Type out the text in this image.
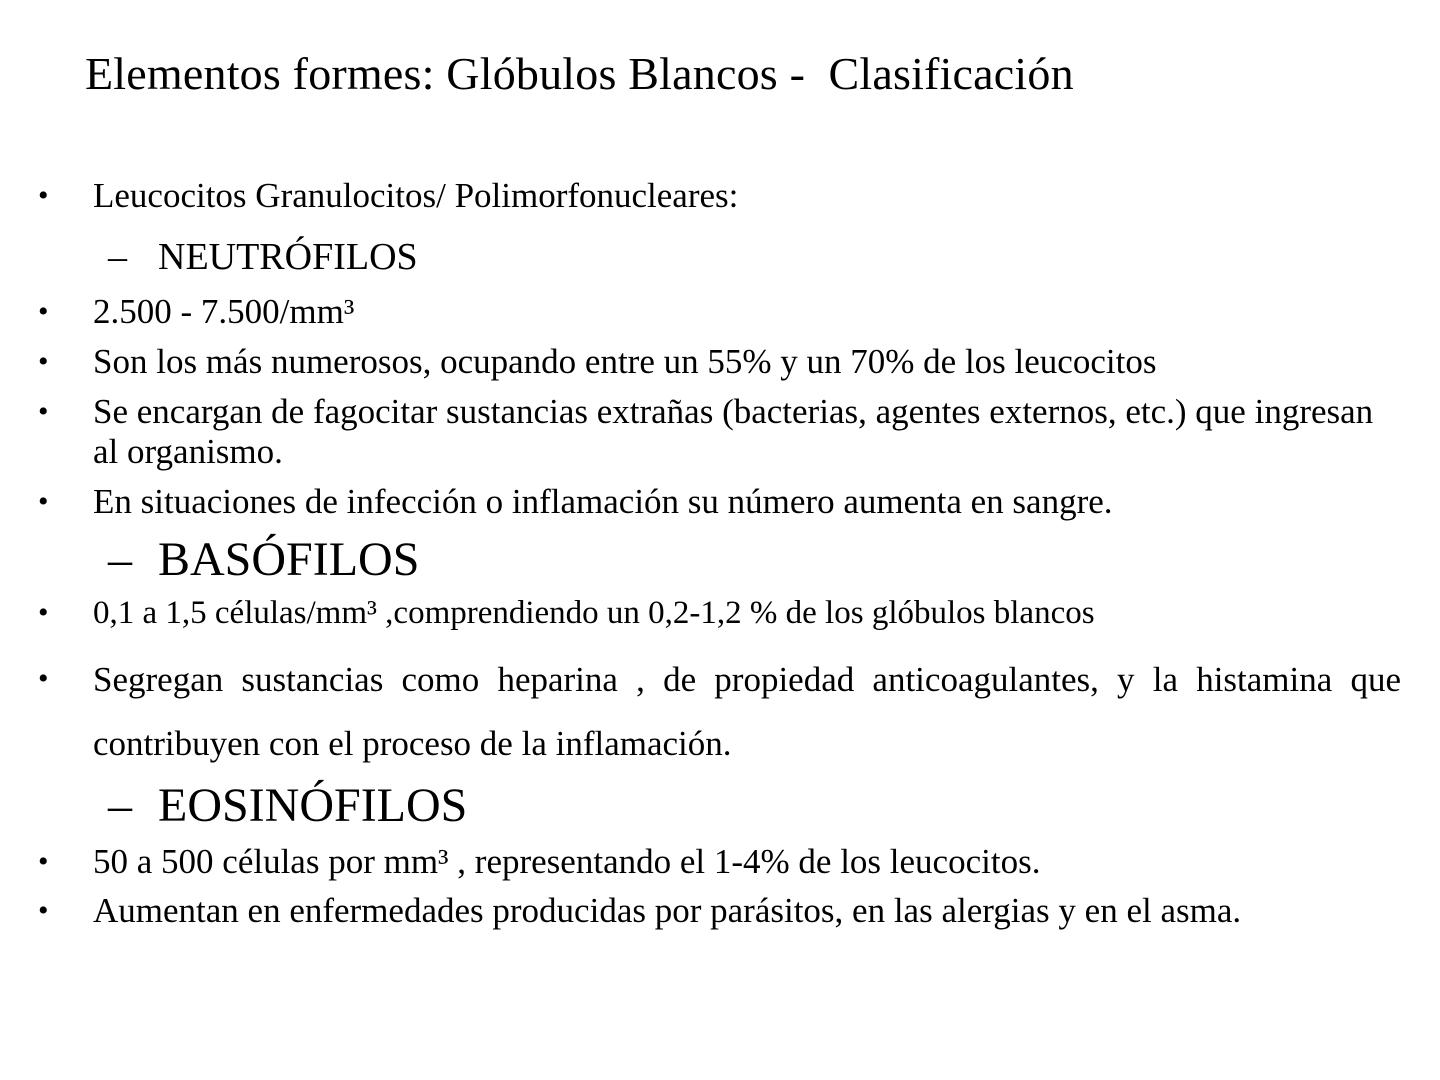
Elementos formes: Glóbulos Blancos -  Clasificación
• Leucocitos Granulocitos/ Polimorfonucleares:
– NEUTRÓFILOS
• 2.500 - 7.500/mm³
• Son los más numerosos, ocupando entre un 55% y un 70% de los leucocitos
• Se encargan de fagocitar sustancias extrañas (bacterias, agentes externos, etc.) que ingresan al organismo.
• En situaciones de infección o inflamación su número aumenta en sangre.
– BASÓFILOS
• 0,1 a 1,5 células/mm³ ,comprendiendo un 0,2-1,2 % de los glóbulos blancos
• Segregan sustancias como heparina , de propiedad anticoagulantes, y la histamina que contribuyen con el proceso de la inflamación.
– EOSINÓFILOS
• 50 a 500 células por mm³ , representando el 1-4% de los leucocitos.
• Aumentan en enfermedades producidas por parásitos, en las alergias y en el asma.
